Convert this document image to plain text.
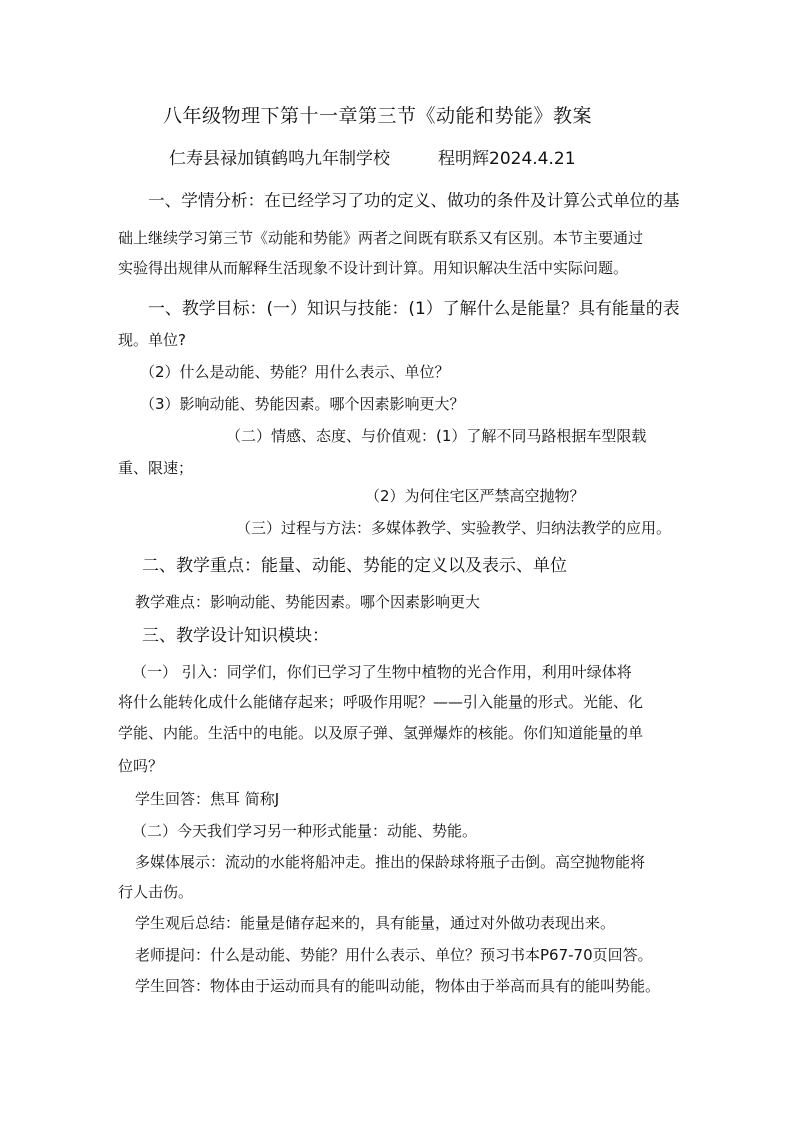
八年级物理下第十一章第三节《动能和势能》教案
仁寿县禄加镇鹤鸣九年制学校	程明辉2024.4.21
一、学情分析：在已经学习了功的定义、做功的条件及计算公式单位的基
础上继续学习第三节《动能和势能》两者之间既有联系又有区别。本节主要通过
实验得出规律从而解释生活现象不设计到计算。用知识解决生活中实际问题。
一、教学目标：(一）知识与技能：(1）了解什么是能量？具有能量的表
现。单位?
（2）什么是动能、势能？用什么表示、单位？
（3）影响动能、势能因素。哪个因素影响更大？
（二）情感、态度、与价值观：(1）了解不同马路根据车型限载
重、限速；
（2）为何住宅区严禁高空抛物？
（三）过程与方法：多媒体教学、实验教学、归纳法教学的应用。
二、教学重点：能量、动能、势能的定义以及表示、单位
教学难点：影响动能、势能因素。哪个因素影响更大
三、教学设计知识模块：
（一） 引入：同学们，你们已学习了生物中植物的光合作用，利用叶绿体将
将什么能转化成什么能储存起来；呼吸作用呢？——引入能量的形式。光能、化
学能、内能。生活中的电能。以及原子弹、氢弹爆炸的核能。你们知道能量的单
位吗？
学生回答：焦耳 简称J
（二）今天我们学习另一种形式能量：动能、势能。
多媒体展示：流动的水能将船冲走。推出的保龄球将瓶子击倒。高空抛物能将
行人击伤。
学生观后总结：能量是储存起来的，具有能量，通过对外做功表现出来。
老师提问：什么是动能、势能？用什么表示、单位？预习书本P67-70页回答。
学生回答：物体由于运动而具有的能叫动能，物体由于举高而具有的能叫势能。
